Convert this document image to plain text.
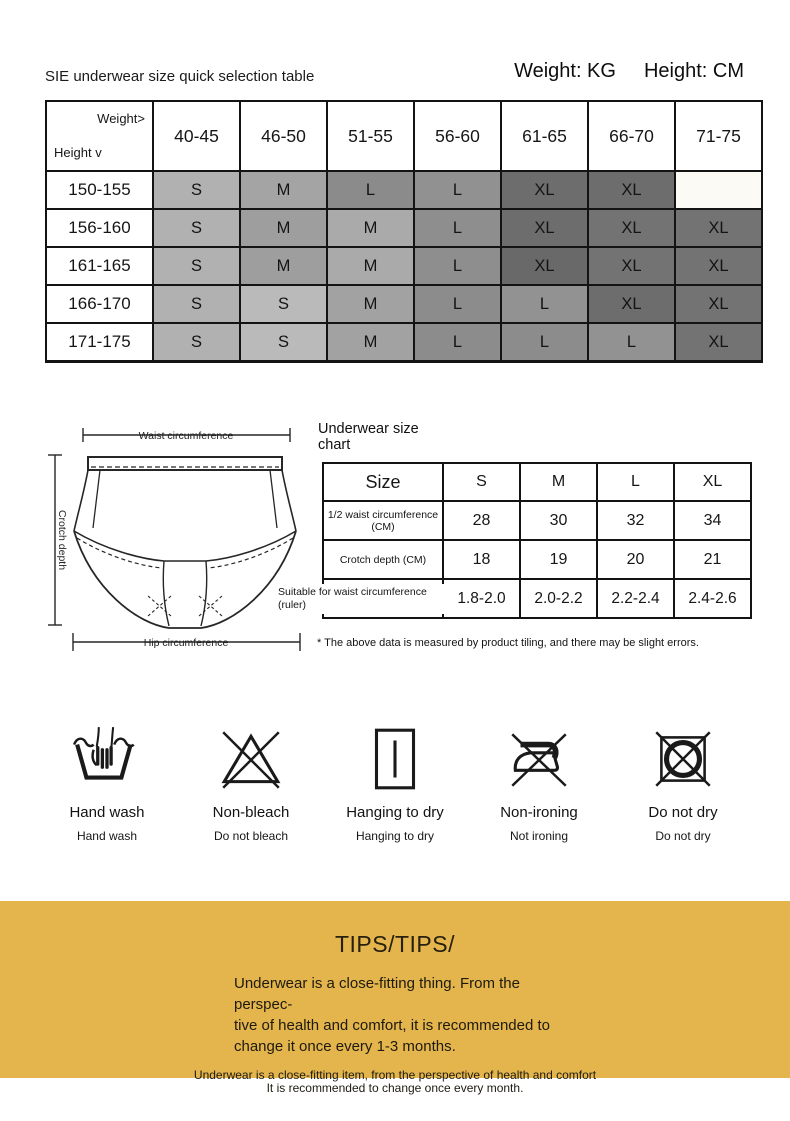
SIE underwear size quick selection table	Weight: KG Height: CM
Weight>
Height v	40-45	46-50	51-55	56-60	61-65	66-70	71-75
150-155	S	M	L	L	XL	XL	
156-160	S	M	M	L	XL	XL	XL
161-165	S	M	M	L	XL	XL	XL
166-170	S	S	M	L	L	XL	XL
171-175	S	S	M	L	L	L	XL
Waist circumference
Crotch depth
Hip circumference
Underwear size
chart
Size	S	M	L	XL
1/2 waist circumference (CM)	28	30	32	34
Crotch depth (CM)	18	19	20	21

Suitable for waist circumference (ruler)	1.8-2.0	2.0-2.2	2.2-2.4	2.4-2.6
* The above data is measured by product tiling, and there may be slight errors.
Hand wash
Hand wash
Non-bleach
Do not bleach
Hanging to dry
Hanging to dry
Non-ironing
Not ironing
Do not dry
Do not dry
TIPS/TIPS/
Underwear is a close-fitting thing. From the perspec-
tive of health and comfort, it is recommended to
change it once every 1-3 months.
Underwear is a close-fitting item, from the perspective of health and comfort
It is recommended to change once every month.
